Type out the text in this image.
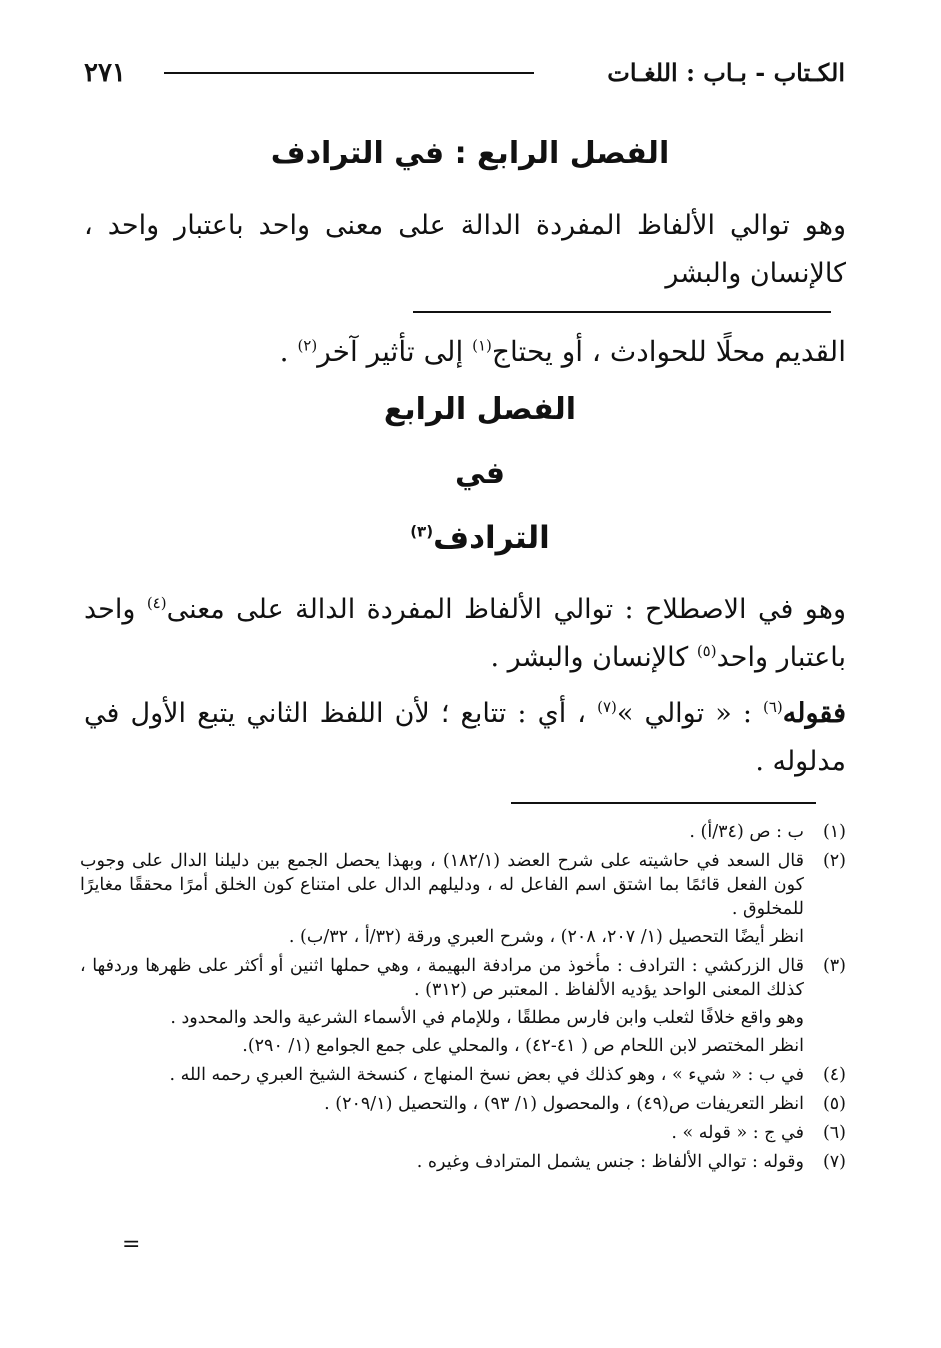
الكـتاب - بـاب : اللغـات
٢٧١
الفصل الرابع : في الترادف
وهو توالي الألفاظ المفردة الدالة على معنى واحد باعتبار واحد ، كالإنسان والبشر
القديم محلًا للحوادث ، أو يحتاج$^{(١)}$ إلى تأثير آخر$^{(٢)}$ .
الفصل الرابع
في
الترادف$^{(٣)}$
وهو في الاصطلاح : توالي الألفاظ المفردة الدالة على معنى$^{(٤)}$ واحد باعتبار واحد$^{(٥)}$ كالإنسان والبشر .
فقوله$^{(٦)}$ : « توالي »$^{(٧)}$ ، أي : تتابع ؛ لأن اللفظ الثاني يتبع الأول في مدلوله .
(١)

ب : ص (٣٤/أ) .

(٢)

قال السعد في حاشيته على شرح العضد (١٨٢/١) ، وبهذا يحصل الجمع بين دليلنا الدال على وجوب كون الفعل قائمًا بما اشتق اسم الفاعل له ، ودليلهم الدال على امتناع كون الخلق أمرًا محققًا مغايرًا للمخلوق .

انظر أيضًا التحصيل (١/ ٢٠٧، ٢٠٨) ، وشرح العبري ورقة (٣٢/أ ، ٣٢/ب) .

(٣)

قال الزركشي : الترادف : مأخوذ من مرادفة البهيمة ، وهي حملها اثنين أو أكثر على ظهرها وردفها ، كذلك المعنى الواحد يؤديه الألفاظ . المعتبر ص (٣١٢) .

وهو واقع خلافًا لثعلب وابن فارس مطلقًا ، وللإمام في الأسماء الشرعية والحد والمحدود .

انظر المختصر لابن اللحام ص ( ٤١-٤٢) ، والمحلي على جمع الجوامع (١/ ٢٩٠).

(٤)

في ب : « شيء » ، وهو كذلك في بعض نسخ المنهاج ، كنسخة الشيخ العبري رحمه الله .

(٥)

انظر التعريفات ص(٤٩) ، والمحصول (١/ ٩٣) ، والتحصيل (٢٠٩/١) .

(٦)

في ج : « قوله » .

(٧)

وقوله : توالي الألفاظ : جنس يشمل المترادف وغيره .

=
